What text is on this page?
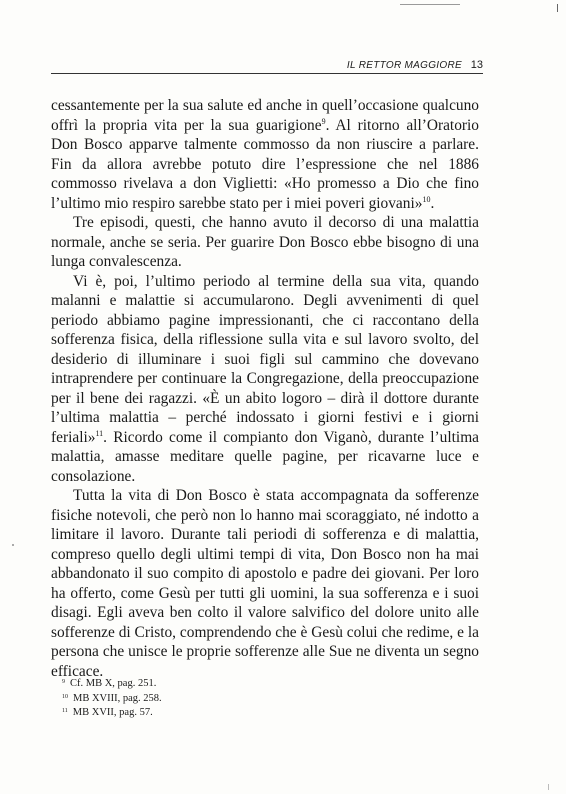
IL RETTOR MAGGIORE 13

cessantemente per la sua salute ed anche in quell’occasione qualcuno offrì la propria vita per la sua guarigione$^9$. Al ritorno all’Oratorio Don Bosco apparve talmente commosso da non riuscire a parlare. Fin da allora avrebbe potuto dire l’espressione che nel 1886 commosso rivelava a don Viglietti: «Ho promesso a Dio che fino l’ultimo mio respiro sarebbe stato per i miei poveri giovani»$^{10}$.

Tre episodi, questi, che hanno avuto il decorso di una malattia normale, anche se seria. Per guarire Don Bosco ebbe bisogno di una lunga convalescenza.

Vi è, poi, l’ultimo periodo al termine della sua vita, quando malanni e malattie si accumularono. Degli avvenimenti di quel periodo abbiamo pagine impressionanti, che ci raccontano della sofferenza fisica, della riflessione sulla vita e sul lavoro svolto, del desiderio di illuminare i suoi figli sul cammino che dovevano intraprendere per continuare la Congregazione, della preoccupazione per il bene dei ragazzi. «È un abito logoro – dirà il dottore durante l’ultima malattia – perché indossato i giorni festivi e i giorni feriali»$^{11}$. Ricordo come il compianto don Viganò, durante l’ultima malattia, amasse meditare quelle pagine, per ricavarne luce e consolazione.

Tutta la vita di Don Bosco è stata accompagnata da sofferenze fisiche notevoli, che però non lo hanno mai scoraggiato, né indotto a limitare il lavoro. Durante tali periodi di sofferenza e di malattia, compreso quello degli ultimi tempi di vita, Don Bosco non ha mai abbandonato il suo compito di apostolo e padre dei giovani. Per loro ha offerto, come Gesù per tutti gli uomini, la sua sofferenza e i suoi disagi. Egli aveva ben colto il valore salvifico del dolore unito alle sofferenze di Cristo, comprendendo che è Gesù colui che redime, e la persona che unisce le proprie sofferenze alle Sue ne diventa un segno efficace.

$^9$ Cf. MB X, pag. 251.
$^{10}$ MB XVIII, pag. 258.
$^{11}$ MB XVII, pag. 57.
